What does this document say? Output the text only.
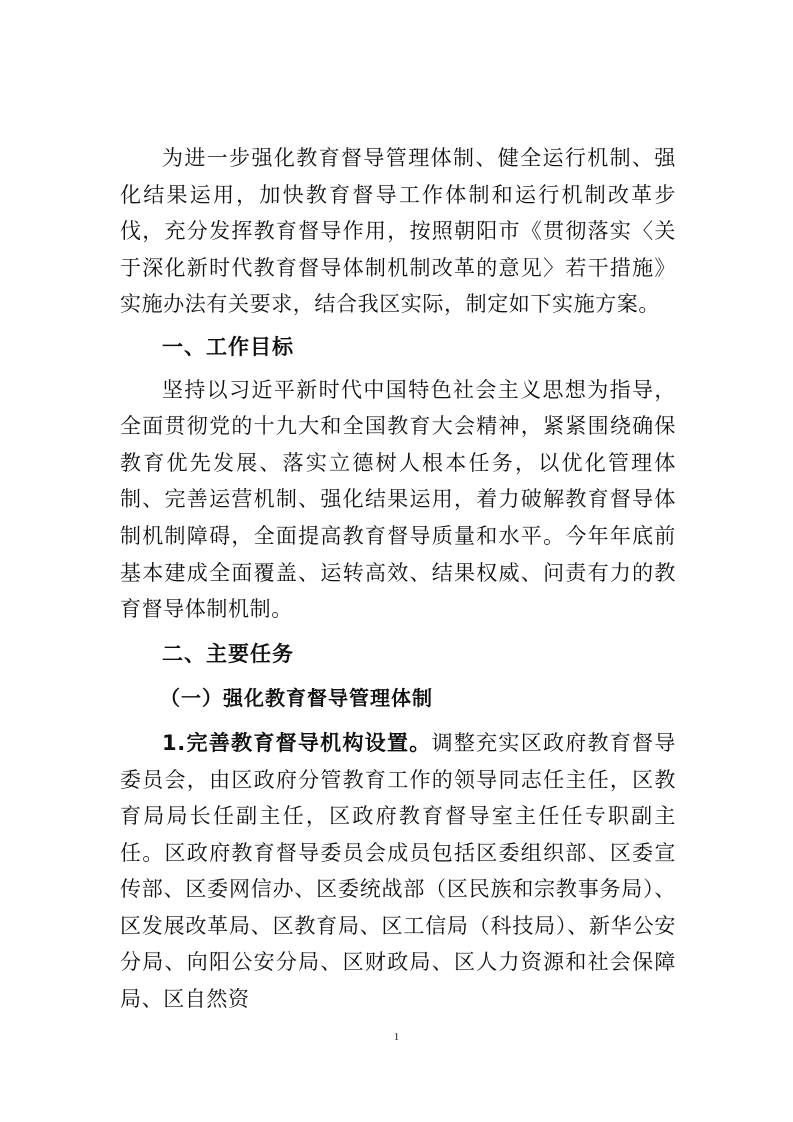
为进一步强化教育督导管理体制、健全运行机制、强化结果运用，加快教育督导工作体制和运行机制改革步伐，充分发挥教育督导作用，按照朝阳市《贯彻落实〈关于深化新时代教育督导体制机制改革的意见〉若干措施》实施办法有关要求，结合我区实际，制定如下实施方案。

一、工作目标

坚持以习近平新时代中国特色社会主义思想为指导，全面贯彻党的十九大和全国教育大会精神，紧紧围绕确保教育优先发展、落实立德树人根本任务，以优化管理体制、完善运营机制、强化结果运用，着力破解教育督导体制机制障碍，全面提高教育督导质量和水平。今年年底前基本建成全面覆盖、运转高效、结果权威、问责有力的教育督导体制机制。

二、主要任务

（一）强化教育督导管理体制

1.完善教育督导机构设置。调整充实区政府教育督导委员会，由区政府分管教育工作的领导同志任主任，区教育局局长任副主任，区政府教育督导室主任任专职副主任。区政府教育督导委员会成员包括区委组织部、区委宣传部、区委网信办、区委统战部（区民族和宗教事务局）、区发展改革局、区教育局、区工信局（科技局）、新华公安分局、向阳公安分局、区财政局、区人力资源和社会保障局、区自然资

1
